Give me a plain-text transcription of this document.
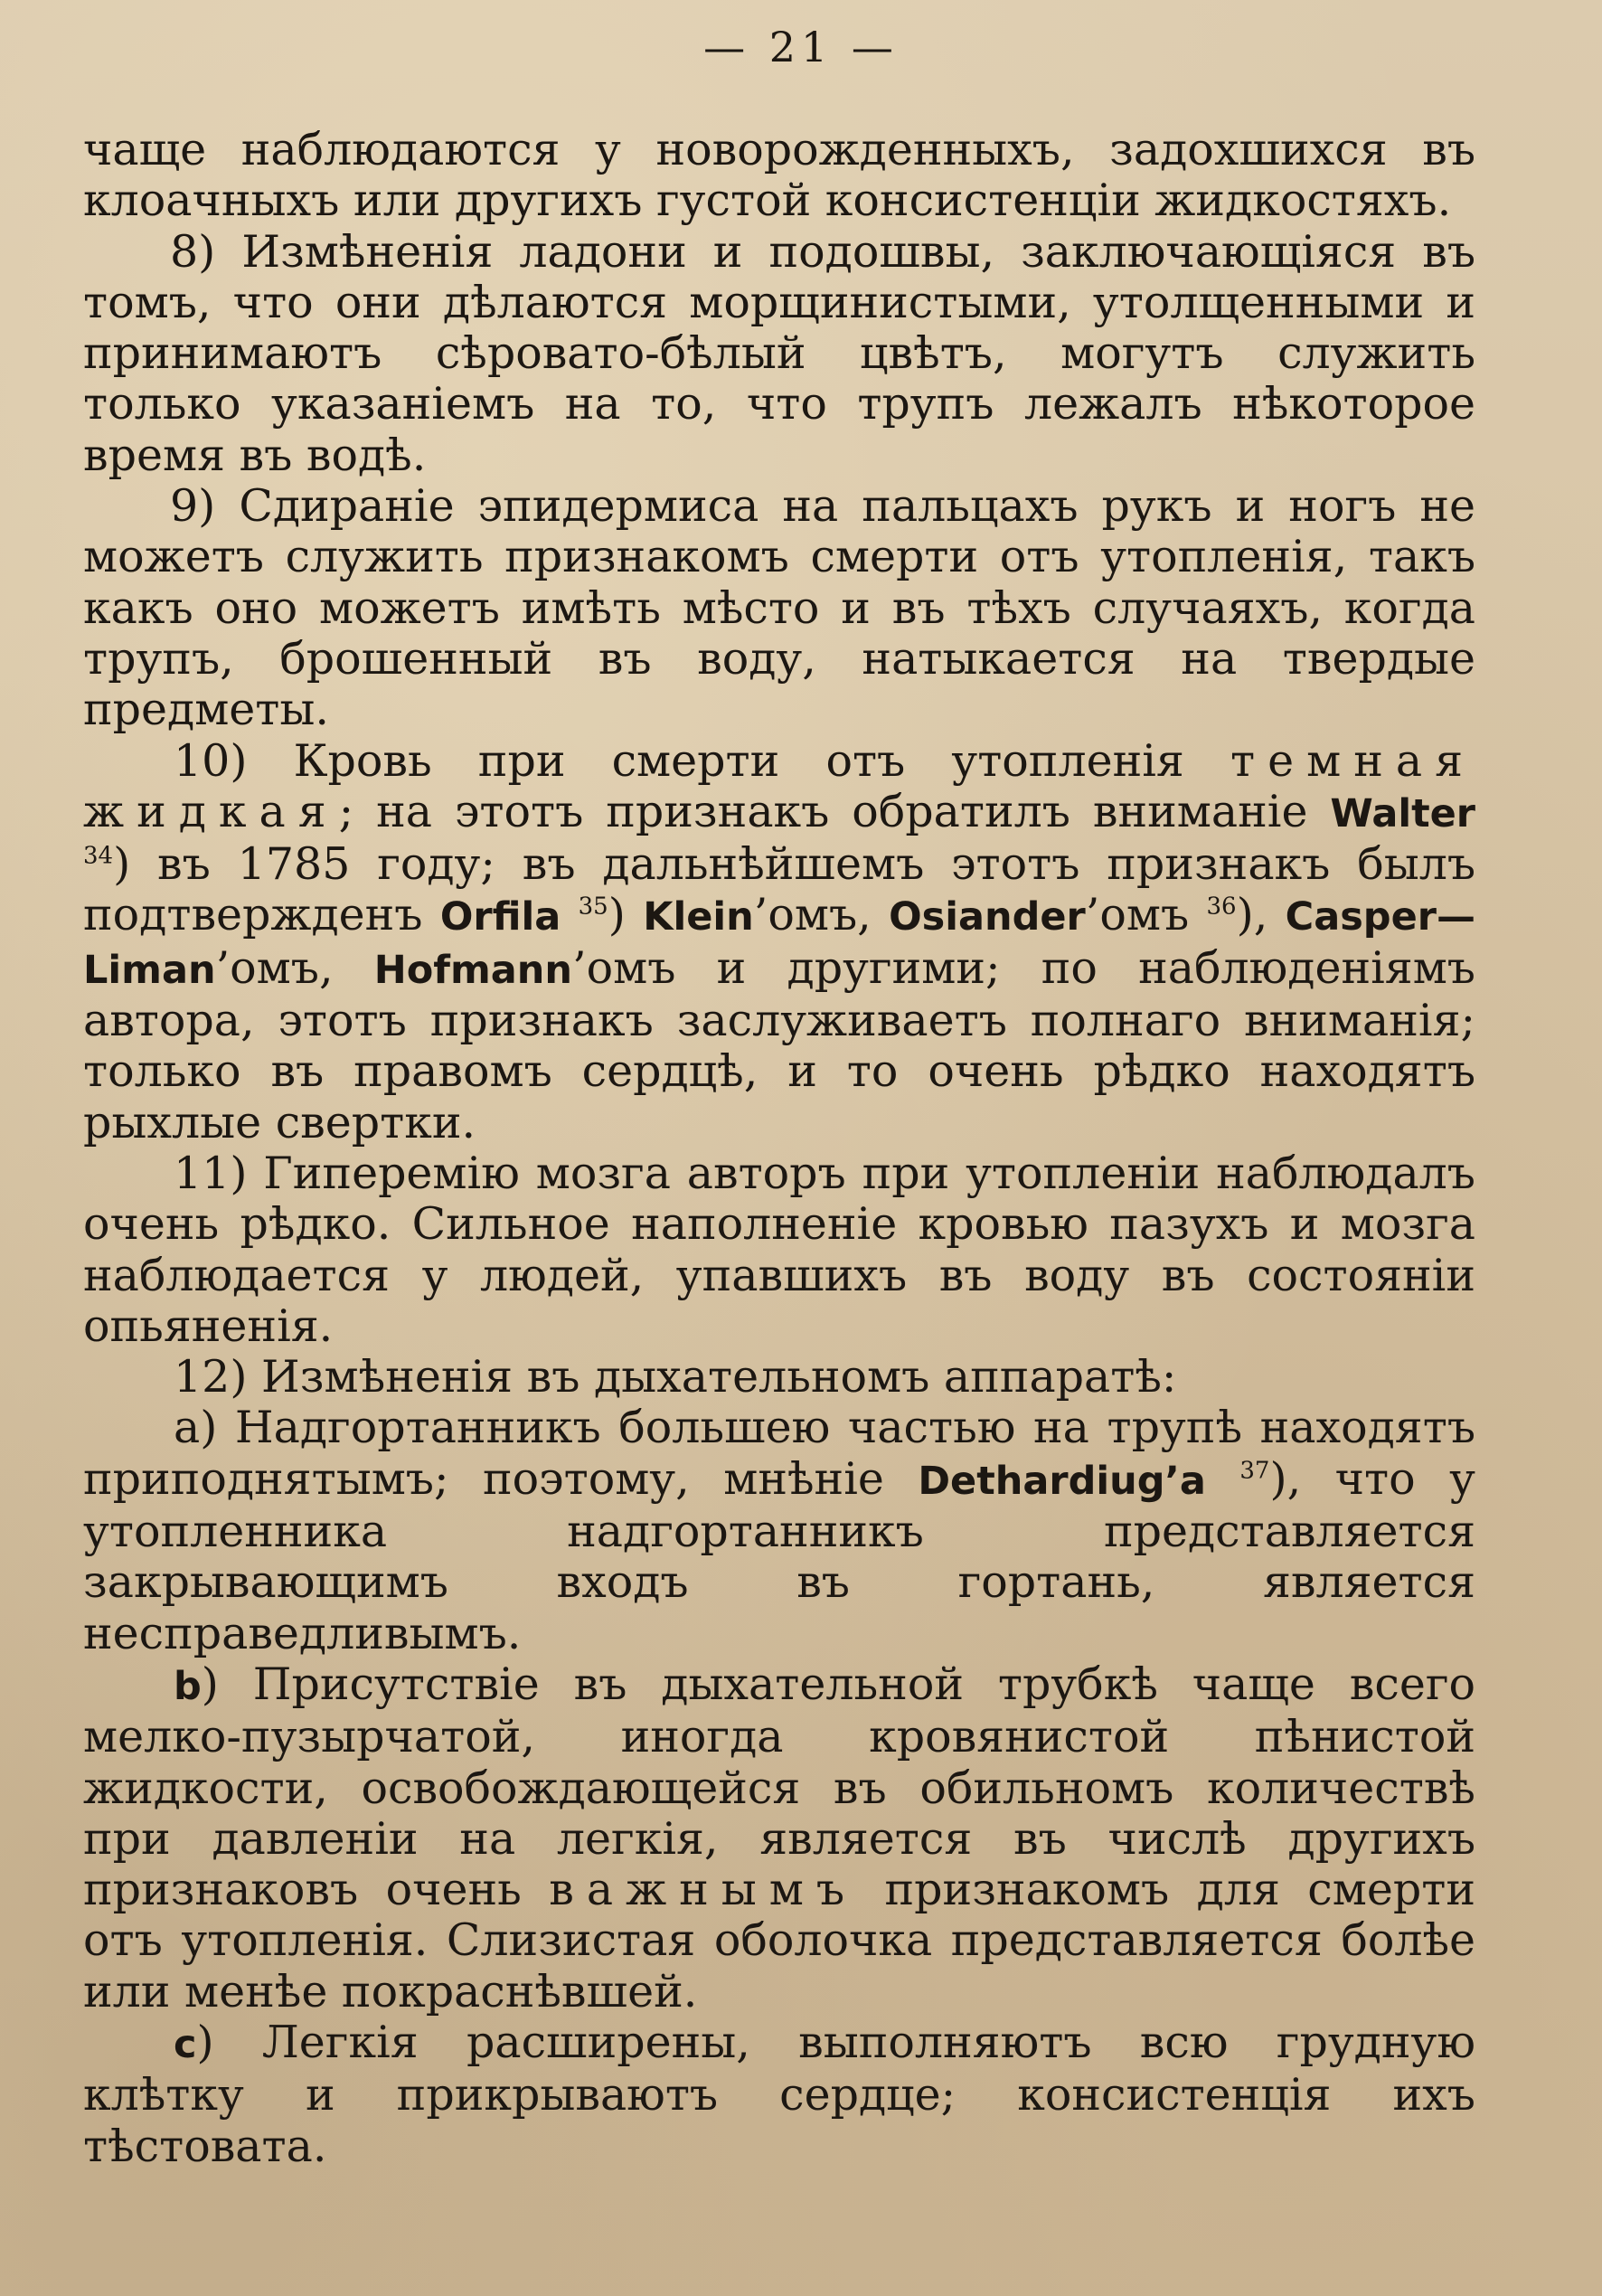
— 21 —

чаще наблюдаются у новорожденныхъ, задохшихся въ клоачныхъ или другихъ густой консистенціи жидкостяхъ.

8) Измѣненія ладони и подошвы, заключающіяся въ томъ, что они дѣлаются морщинистыми, утолщенными и принимаютъ сѣровато-бѣлый цвѣтъ, могутъ служить только указаніемъ на то, что трупъ лежалъ нѣкоторое время въ водѣ.

9) Сдираніе эпидермиса на пальцахъ рукъ и ногъ не можетъ служить признакомъ смерти отъ утопленія, такъ какъ оно можетъ имѣть мѣсто и въ тѣхъ случаяхъ, когда трупъ, брошенный въ воду, натыкается на твердые предметы.

10) Кровь при смерти отъ утопленія темная жидкая; на этотъ признакъ обратилъ вниманіе Walter $^{34}$) въ 1785 году; въ дальнѣйшемъ этотъ признакъ былъ подтвержденъ Orfila $^{35}$) Klein’омъ, Osiander’омъ $^{36}$), Casper—Liman’омъ, Hofmann’омъ и другими; по наблюденіямъ автора, этотъ признакъ заслуживаетъ полнаго вниманія; только въ правомъ сердцѣ, и то очень рѣдко находятъ рыхлые свертки.

11) Гиперемію мозга авторъ при утопленіи наблюдалъ очень рѣдко. Сильное наполненіе кровью пазухъ и мозга наблюдается у людей, упавшихъ въ воду въ состояніи опьяненія.

12) Измѣненія въ дыхательномъ аппаратѣ:

a) Надгортанникъ большею частью на трупѣ находятъ приподнятымъ; поэтому, мнѣніе Dethardiug’a $^{37}$), что у утопленника надгортанникъ представляется закрывающимъ входъ въ гортань, является несправедливымъ.

b) Присутствіе въ дыхательной трубкѣ чаще всего мелко-пузырчатой, иногда кровянистой пѣнистой жидкости, освобождающейся въ обильномъ количествѣ при давленіи на легкія, является въ числѣ другихъ признаковъ очень важнымъ признакомъ для смерти отъ утопленія. Слизистая оболочка представляется болѣе или менѣе покраснѣвшей.

c) Легкія расширены, выполняютъ всю грудную клѣтку и прикрываютъ сердце; консистенція ихъ тѣстовата.
